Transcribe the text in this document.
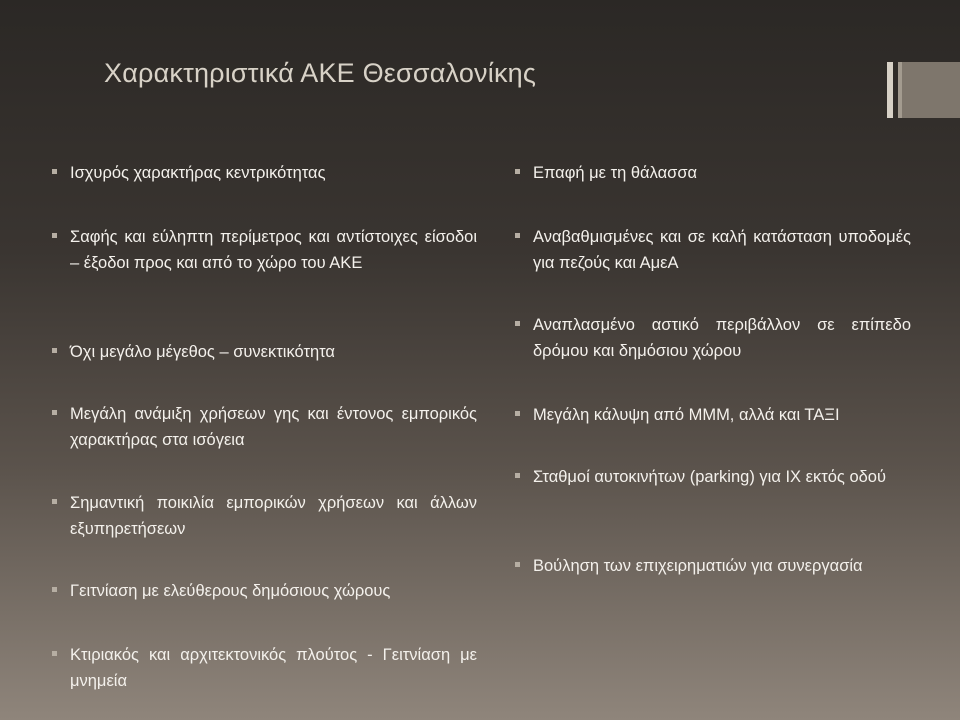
Χαρακτηριστικά ΑΚΕ Θεσσαλονίκης
Ισχυρός χαρακτήρας κεντρικότητας
Σαφής και εύληπτη περίμετρος και αντίστοιχες είσοδοι – έξοδοι προς και από το χώρο του ΑΚΕ
Όχι μεγάλο μέγεθος – συνεκτικότητα
Μεγάλη ανάμιξη χρήσεων γης και έντονος εμπορικός χαρακτήρας στα ισόγεια
Σημαντική ποικιλία εμπορικών χρήσεων και άλλων εξυπηρετήσεων
Γειτνίαση με ελεύθερους δημόσιους χώρους
Κτιριακός και αρχιτεκτονικός πλούτος - Γειτνίαση με μνημεία
Επαφή με τη θάλασσα
Αναβαθμισμένες και σε καλή κατάσταση υποδομές για πεζούς και ΑμεΑ
Αναπλασμένο αστικό περιβάλλον σε επίπεδο δρόμου και δημόσιου χώρου
Μεγάλη κάλυψη από ΜΜΜ, αλλά και ΤΑΞΙ
Σταθμοί αυτοκινήτων (parking) για ΙΧ εκτός οδού
Βούληση των επιχειρηματιών για συνεργασία
